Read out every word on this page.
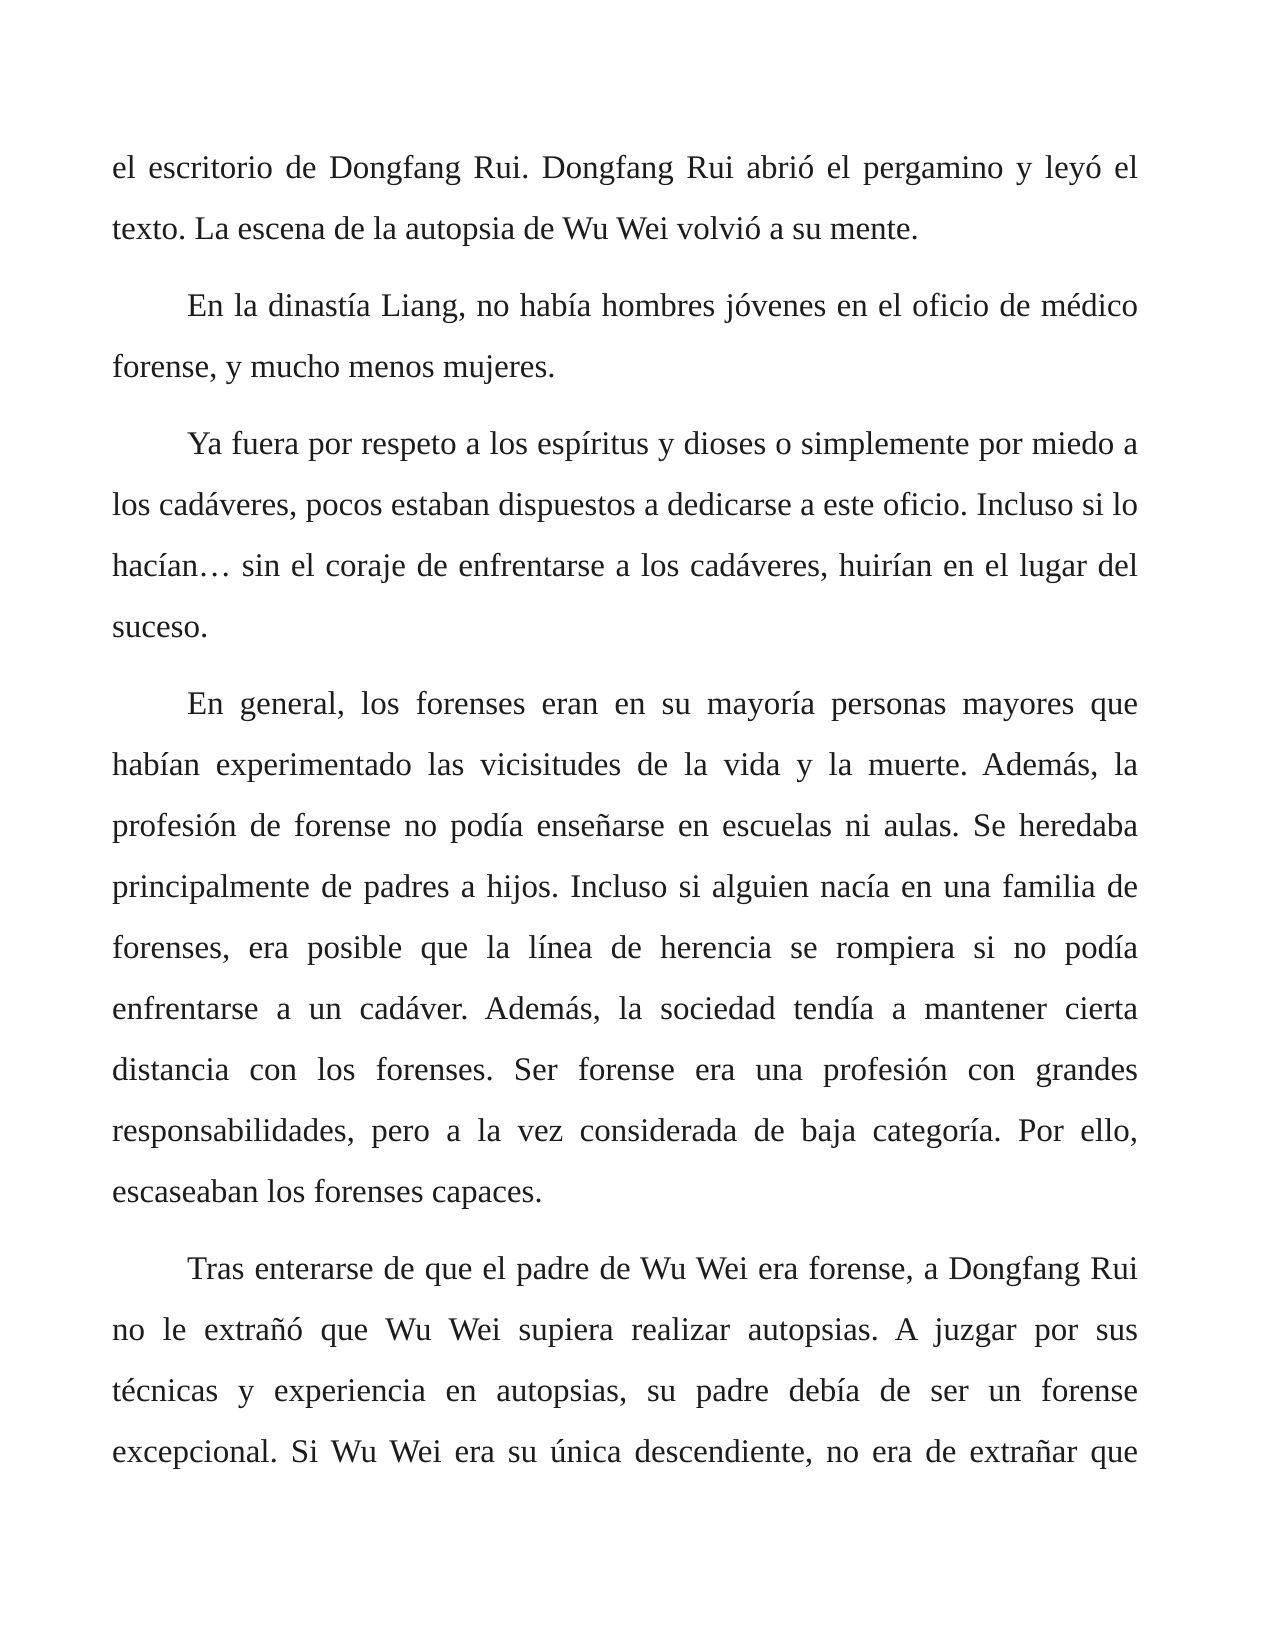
el escritorio de Dongfang Rui. Dongfang Rui abrió el pergamino y leyó el texto. La escena de la autopsia de Wu Wei volvió a su mente.

En la dinastía Liang, no había hombres jóvenes en el oficio de médico forense, y mucho menos mujeres.

Ya fuera por respeto a los espíritus y dioses o simplemente por miedo a los cadáveres, pocos estaban dispuestos a dedicarse a este oficio. Incluso si lo hacían… sin el coraje de enfrentarse a los cadáveres, huirían en el lugar del suceso.

En general, los forenses eran en su mayoría personas mayores que habían experimentado las vicisitudes de la vida y la muerte. Además, la profesión de forense no podía enseñarse en escuelas ni aulas. Se heredaba principalmente de padres a hijos. Incluso si alguien nacía en una familia de forenses, era posible que la línea de herencia se rompiera si no podía enfrentarse a un cadáver. Además, la sociedad tendía a mantener cierta distancia con los forenses. Ser forense era una profesión con grandes responsabilidades, pero a la vez considerada de baja categoría. Por ello, escaseaban los forenses capaces.

Tras enterarse de que el padre de Wu Wei era forense, a Dongfang Rui no le extrañó que Wu Wei supiera realizar autopsias. A juzgar por sus técnicas y experiencia en autopsias, su padre debía de ser un forense excepcional. Si Wu Wei era su única descendiente, no era de extrañar que
